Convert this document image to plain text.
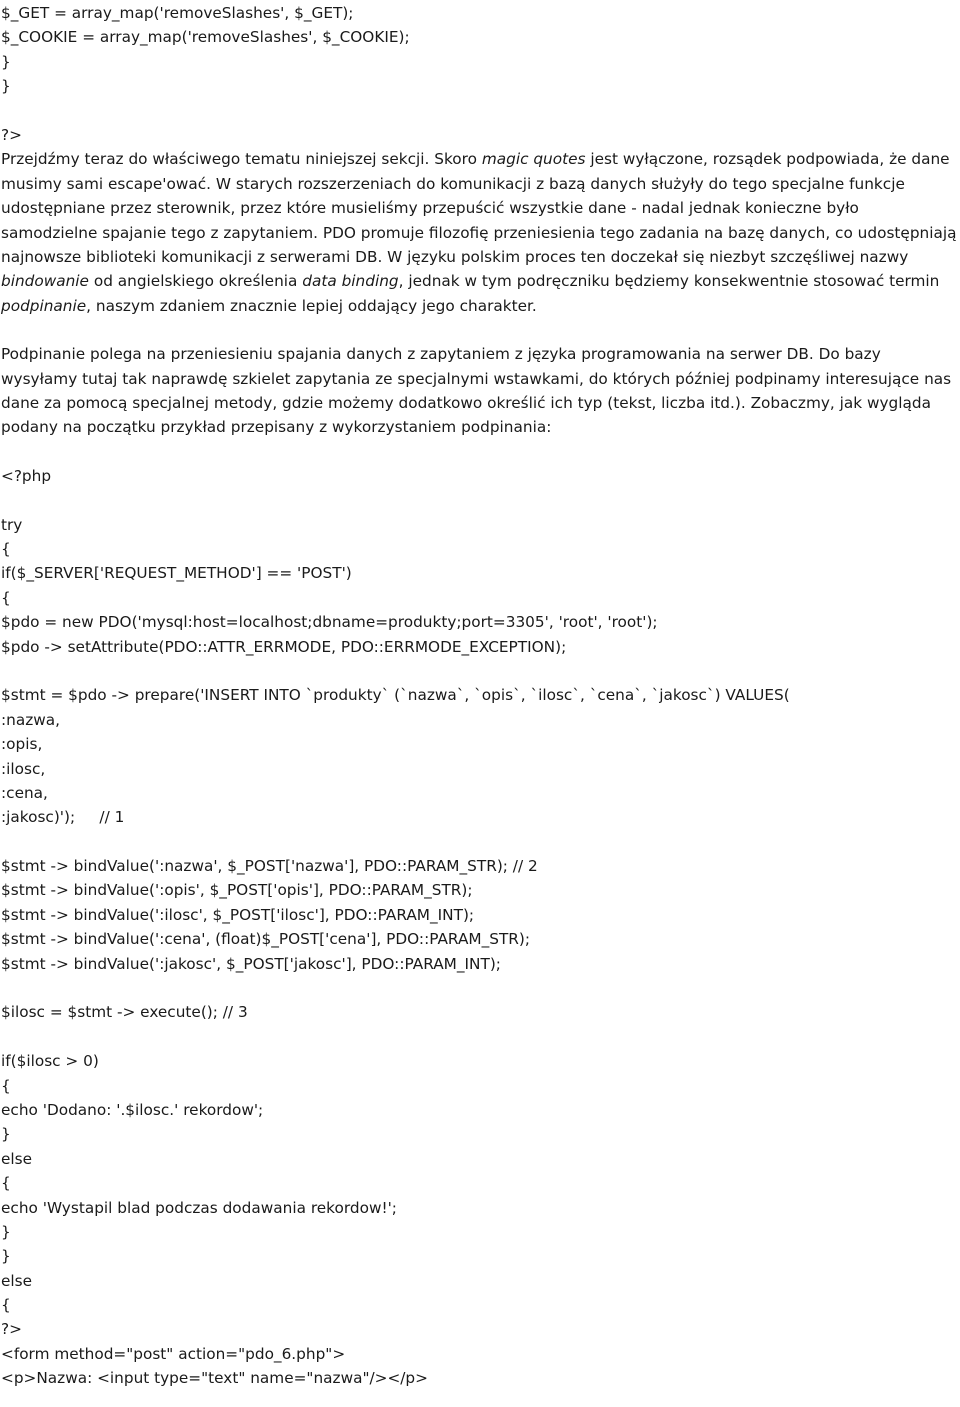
$_GET = array_map('removeSlashes', $_GET);
$_COOKIE = array_map('removeSlashes', $_COOKIE);
}
}
?>

Przejdźmy teraz do właściwego tematu niniejszej sekcji. Skoro magic quotes jest wyłączone, rozsądek podpowiada, że dane musimy sami escape'ować. W starych rozszerzeniach do komunikacji z bazą danych służyły do tego specjalne funkcje udostępniane przez sterownik, przez które musieliśmy przepuścić wszystkie dane - nadal jednak konieczne było samodzielne spajanie tego z zapytaniem. PDO promuje filozofię przeniesienia tego zadania na bazę danych, co udostępniają najnowsze biblioteki komunikacji z serwerami DB. W języku polskim proces ten doczekał się niezbyt szczęśliwej nazwy bindowanie od angielskiego określenia data binding, jednak w tym podręczniku będziemy konsekwentnie stosować termin podpinanie, naszym zdaniem znacznie lepiej oddający jego charakter.

Podpinanie polega na przeniesieniu spajania danych z zapytaniem z języka programowania na serwer DB. Do bazy wysyłamy tutaj tak naprawdę szkielet zapytania ze specjalnymi wstawkami, do których później podpinamy interesujące nas dane za pomocą specjalnej metody, gdzie możemy dodatkowo określić ich typ (tekst, liczba itd.). Zobaczmy, jak wygląda podany na początku przykład przepisany z wykorzystaniem podpinania:

<?php
try
{
if($_SERVER['REQUEST_METHOD'] == 'POST')
{
$pdo = new PDO('mysql:host=localhost;dbname=produkty;port=3305', 'root', 'root');
$pdo -> setAttribute(PDO::ATTR_ERRMODE, PDO::ERRMODE_EXCEPTION);
$stmt = $pdo -> prepare('INSERT INTO `produkty` (`nazwa`, `opis`, `ilosc`, `cena`, `jakosc`) VALUES(
:nazwa,
:opis,
:ilosc,
:cena,
:jakosc)');     // 1
$stmt -> bindValue(':nazwa', $_POST['nazwa'], PDO::PARAM_STR); // 2
$stmt -> bindValue(':opis', $_POST['opis'], PDO::PARAM_STR);
$stmt -> bindValue(':ilosc', $_POST['ilosc'], PDO::PARAM_INT);
$stmt -> bindValue(':cena', (float)$_POST['cena'], PDO::PARAM_STR);
$stmt -> bindValue(':jakosc', $_POST['jakosc'], PDO::PARAM_INT);
$ilosc = $stmt -> execute(); // 3
if($ilosc > 0)
{
echo 'Dodano: '.$ilosc.' rekordow';
}
else
{
echo 'Wystapil blad podczas dodawania rekordow!';
}
}
else
{
?>
<form method="post" action="pdo_6.php">
<p>Nazwa: <input type="text" name="nazwa"/></p>
